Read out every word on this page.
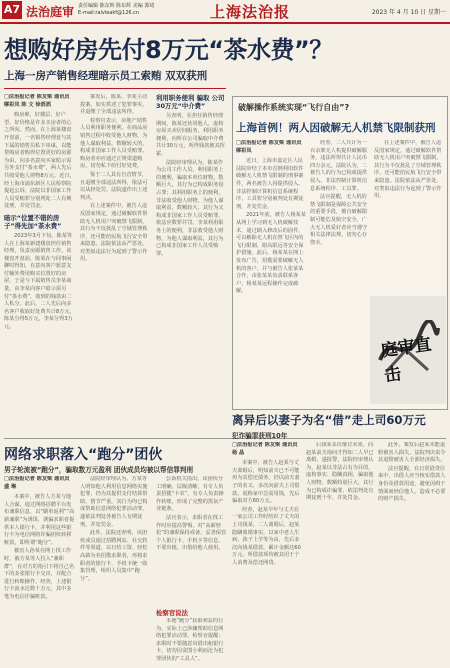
A7 法治庭审 责任编辑 陈东辉 陈东辉 美编 郭琦
E-mail:ralvleakf@126.cn	上海法治报	2023 年 4 月 10 日 星期一
想购好房先付8万元“茶水费”？
上海一房产销售经理暗示员工索贿 双双获刑
□法治报记者 陈友梁 通讯员 缪彩凤 陈 文 徐滔滔

购房难，好楼层、好户型、好价格是许多买房者的心之所向。然而，在上海某楼盘开盘前，一名销售经理竟与其下属的销售员私下串谋，以能帮购房者购得位置更好的房源为由，向多名意向买家暗示需另外支付“茶水费”，两人先后共收受他人财物8万元。近日，经上海市浦东新区人民检察院提起公诉，法院以非国家工作人员受贿罪分别判处二人有期徒刑，并处罚金。

暗示“位置不错的房子”得先加“茶水费”

2023年3月下旬，陈某等人在上海某新建楼盘担任销售经理，负责房源销售工作。该楼盘开盘前，陈某在与同事闲聊时得知，有意向客户愿意支付额外费用购买位置好的房屋，于是与下属销售员李某商量，由李某向客户暗示需另付“茶水费”，收到的钱款由二人私分。此后，二人先后向多名客户收取好处费共计8万元，陈某分得5万元，李某分得3万元。

案发后，陈某、李某主动投案，如实供述了犯罪事实，并退缴了全部违法所得。

检察官表示，房地产销售人员利用职务便利，在商品房销售过程中收受他人财物，为他人谋取利益，数额较大的，构成非国家工作人员受贿罪。购房者亦应通过正规渠道购房，切勿私下给付好处费。

鉴于二人具有自首情节，且退缴全部违法所得，依法可以从轻处罚。法院遂作出上述判决。

在上述案件中，被告人违反国家规定，通过破解软件帮助无人机用户突破禁飞限制，其行为不仅扰乱了空域管理秩序，还可能给民航飞行安全带来隐患。法院依法从严惩处，对类似违法行为起到了警示作用。

利用职务便利 骗取 公司 30万元“中介费”

另查明，在担任销售经理期间，陈某还伙同他人，虚构房屋买卖居间服务，利用职务便利，向所在公司骗取中介费共计30万元，所得钱款被其挥霍。

法院经审理认为，陈某作为公司工作人员，利用职务上的便利，骗取本单位财物，数额巨大，其行为已构成职务侵占罪；其利用职务上的便利，非法收受他人财物，为他人谋取利益，数额较大，其行为又构成非国家工作人员受贿罪，依法应数罪并罚。李某利用职务上的便利，非法收受他人财物，为他人谋取利益，其行为已构成非国家工作人员受贿罪。

破解操作系统实现“飞行自由”?
上海首例！两人因破解无人机禁飞限制获刑
□法治报记者 陈友梁 通讯员 缪彩凤

近日，上海市嘉定区人民法院审结了本市首例利用软件破解无人机禁飞限制的刑事案件，两名被告人因提供侵入、非法控制计算机信息系统程序、工具罪分别被判处有期徒刑，并处罚金。

2021年底，被告人杨某某从网上学习到无人机破解技术，通过刷入修改后的固件，可以解除无人机在禁飞区内的飞行限制、限高限远等安全保护措施。此后，杨某某在网上发布广告，招揽需要破解无人机的客户，并与被告人张某某合作，由张某某负责联系客户，杨某某远程操作完成破解。

经查，二人共计为一百余架无人机提供破解服务，违法所得共计人民币四万余元。法院认为，二被告人的行为已构成提供侵入、非法控制计算机信息系统程序、工具罪。

法官提醒，无人机的禁飞限制是保障公共安全的重要手段，擅自破解限制可能危及航空安全，广大无人机爱好者应当遵守相关法律法规，切勿心存侥幸。

在上述案件中，被告人违反国家规定，通过破解软件帮助无人机用户突破禁飞限制，其行为不仅扰乱了空域管理秩序，还可能给民航飞行安全带来隐患。法院依法从严惩处，对类似违法行为起到了警示作用。

庭审直击
网络求职落入“跑分”团伙
男子轮流被“跑分”，骗取数万元盈利 团伙成员均被以帮信罪判刑
□法治报记者 陈友梁 通讯员 盛 琳

本案中，被告人方某与他人合谋，通过网络招聘平台发布兼职信息，以“刷单返利”“高薪兼职”为诱饵，诱骗求职者提供本人银行卡，并利用这些银行卡为电信网络诈骗团伙转移赃款，即所谓“跑分”。

被害人孙某在网上找工作时，被方某等人拉入“兼职群”，在对方的指引下将自己名下的多张银行卡交出，并配合进行转账操作。经查，上述银行卡流水达数十万元，其中多笔为电信诈骗赃款。

法院经审理认为，方某等人明知他人利用信息网络实施犯罪，仍为其提供支付结算帮助，情节严重，其行为均已构成帮助信息网络犯罪活动罪，遂依法判处各被告人有期徒刑，并处罚金。

此外，法院还查明，该团伙成员通过招聘网站、社交软件等渠道，以日结工资、轻松高薪为名招揽求职者，再将求职者的银行卡、手机卡统一收集管理，组织人员集中“跑分”。

公诉机关指出，该团伙分工明确，层级清晰，有专人负责招揽“卡农”，有专人负责操作转账，形成了完整的黑灰产业链条。

法官表示，求职者在找工作时应提高警惕，对“高薪轻松”的兼职保持戒备，妥善保管个人银行卡、手机卡等信息，不要出租、出借给他人使用。

检察官说法

本地“跑分”获取利益的行为，实际上已涉嫌帮助信息网络犯罪活动罪。检察官提醒：求职时不要随意出借出租银行卡，切勿因贪图小利而沦为犯罪团伙的“工具人”。

离异后以妻子为名“借”走上司60万元
犯诈骗罪获刑10年
□法治报记者 陈友梁 通讯员 杨 晶

本案中，被告人赵某与丈夫离婚后，明知前夫已不可能再为其偿还债务，仍以前夫妻子的名义，多次向前夫上司借款，谎称家中急需用钱，先后骗取对方60万元。

经查，赵某早年与丈夫在一家公司工作时结识了丈夫的上司钱某。二人离婚后，赵某隐瞒离婚事实，以家中老人生病、孩子上学等为由，先后多次向钱某借款，累计金额达60万元，所借款项均被其用于个人消费及偿还网贷。

后钱某多次催讨未果，向赵某前夫询问才得知二人早已离婚，遂报警。法院经审理认为，赵某以非法占有为目的，虚构事实、隐瞒真相，骗取他人财物，数额特别巨大，其行为已构成诈骗罪，依法判处有期徒刑十年，并处罚金。

此外，案发后赵某未能退赔被害人损失。法院判决责令其退赔被害人全部经济损失。

法官提醒，在日常借贷往来中，出借人应当核实借款人身份及借款用途，避免因碍于情面而轻信他人，造成不必要的财产损失。
